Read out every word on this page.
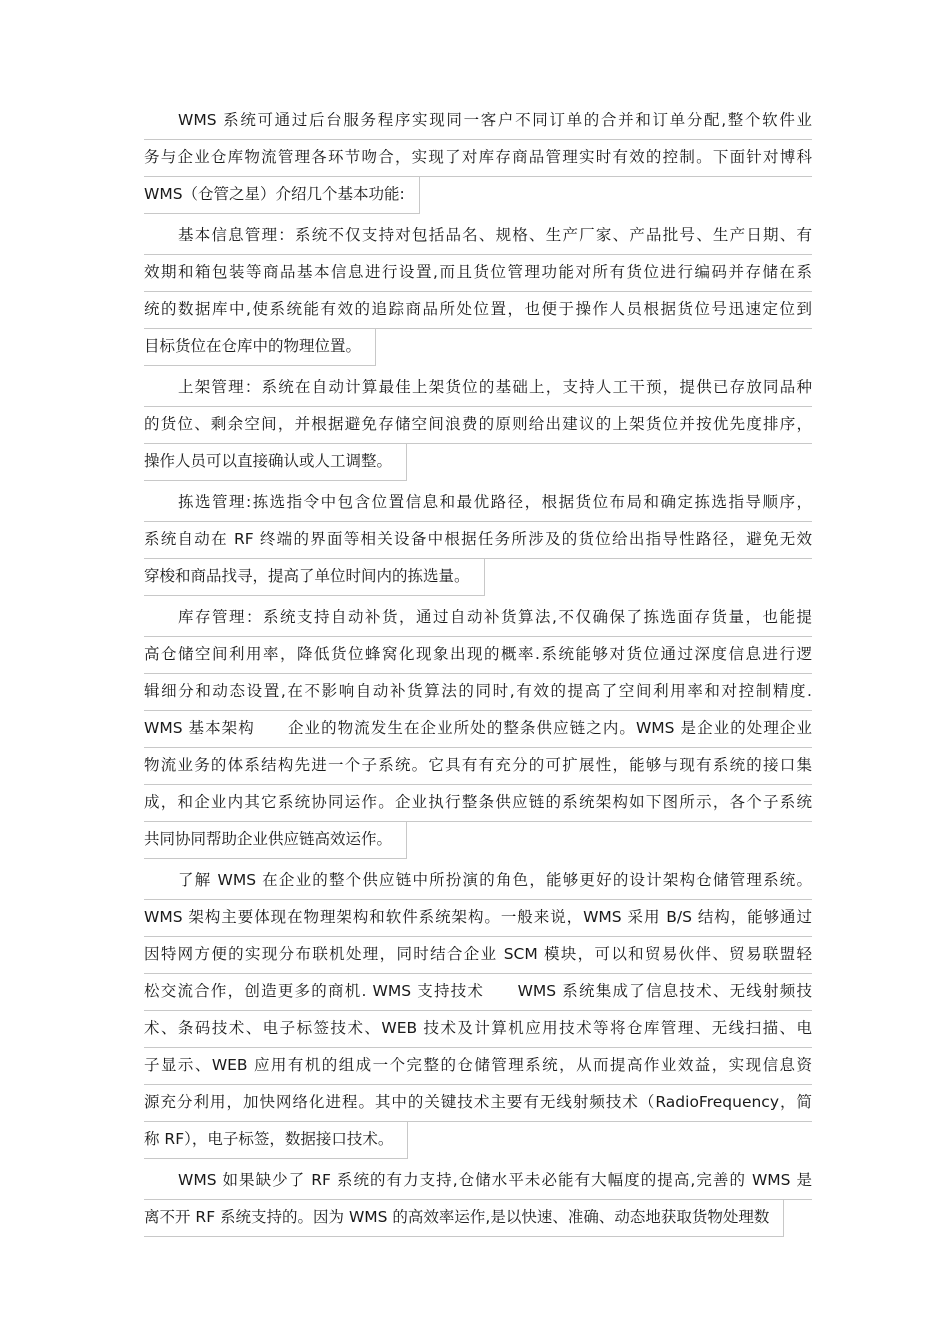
WMS 系统可通过后台服务程序实现同一客户不同订单的合并和订单分配,整个软件业
务与企业仓库物流管理各环节吻合，实现了对库存商品管理实时有效的控制。下面针对博科
WMS（仓管之星）介绍几个基本功能:

基本信息管理：系统不仅支持对包括品名、规格、生产厂家、产品批号、生产日期、有
效期和箱包装等商品基本信息进行设置,而且货位管理功能对所有货位进行编码并存储在系
统的数据库中,使系统能有效的追踪商品所处位置，也便于操作人员根据货位号迅速定位到
目标货位在仓库中的物理位置。

上架管理：系统在自动计算最佳上架货位的基础上，支持人工干预，提供已存放同品种
的货位、剩余空间，并根据避免存储空间浪费的原则给出建议的上架货位并按优先度排序，
操作人员可以直接确认或人工调整。

拣选管理:拣选指令中包含位置信息和最优路径，根据货位布局和确定拣选指导顺序，
系统自动在 RF 终端的界面等相关设备中根据任务所涉及的货位给出指导性路径，避免无效
穿梭和商品找寻，提高了单位时间内的拣选量。

库存管理：系统支持自动补货，通过自动补货算法,不仅确保了拣选面存货量，也能提
高仓储空间利用率，降低货位蜂窝化现象出现的概率.系统能够对货位通过深度信息进行逻
辑细分和动态设置,在不影响自动补货算法的同时,有效的提高了空间利用率和对控制精度.
WMS 基本架构　　企业的物流发生在企业所处的整条供应链之内。WMS 是企业的处理企业
物流业务的体系结构先进一个子系统。它具有有充分的可扩展性，能够与现有系统的接口集
成，和企业内其它系统协同运作。企业执行整条供应链的系统架构如下图所示，各个子系统
共同协同帮助企业供应链高效运作。

了解 WMS 在企业的整个供应链中所扮演的角色，能够更好的设计架构仓储管理系统。
WMS 架构主要体现在物理架构和软件系统架构。一般来说，WMS 采用 B/S 结构，能够通过
因特网方便的实现分布联机处理，同时结合企业 SCM 模块，可以和贸易伙伴、贸易联盟轻
松交流合作，创造更多的商机. WMS 支持技术　　WMS 系统集成了信息技术、无线射频技
术、条码技术、电子标签技术、WEB 技术及计算机应用技术等将仓库管理、无线扫描、电
子显示、WEB 应用有机的组成一个完整的仓储管理系统，从而提高作业效益，实现信息资
源充分利用，加快网络化进程。其中的关键技术主要有无线射频技术（RadioFrequency，简
称 RF），电子标签，数据接口技术。

WMS 如果缺少了 RF 系统的有力支持,仓储水平未必能有大幅度的提高,完善的 WMS 是
离不开 RF 系统支持的。因为 WMS 的高效率运作,是以快速、准确、动态地获取货物处理数
